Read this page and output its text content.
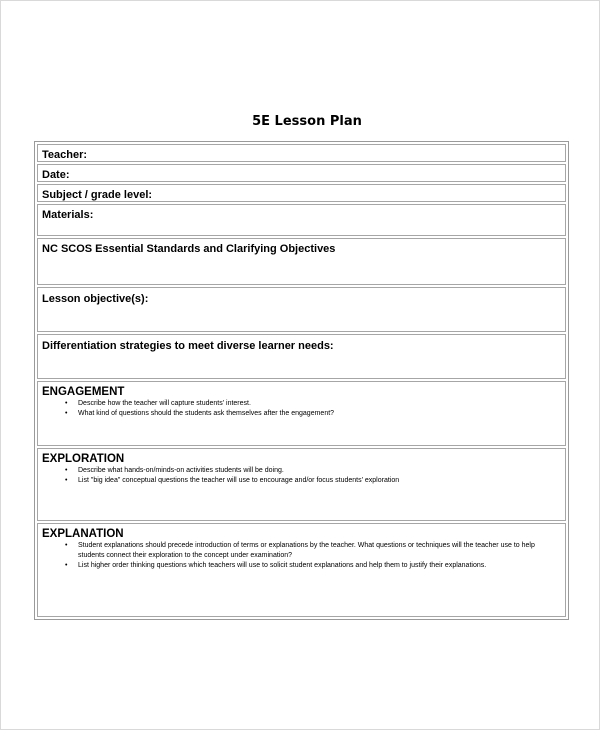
5E Lesson Plan
Teacher:
Date:
Subject / grade level:
Materials:
NC SCOS Essential Standards and Clarifying Objectives
Lesson objective(s):
Differentiation strategies to meet diverse learner needs:
ENGAGEMENT
• Describe how the teacher will capture students' interest.
• What kind of questions should the students ask themselves after the engagement?
EXPLORATION
• Describe what hands-on/minds-on activities students will be doing.
• List "big idea" conceptual questions the teacher will use to encourage and/or focus students' exploration
EXPLANATION
• Student explanations should precede introduction of terms or explanations by the teacher. What questions or techniques will the teacher use to help students connect their exploration to the concept under examination?
• List higher order thinking questions which teachers will use to solicit student explanations and help them to justify their explanations.
